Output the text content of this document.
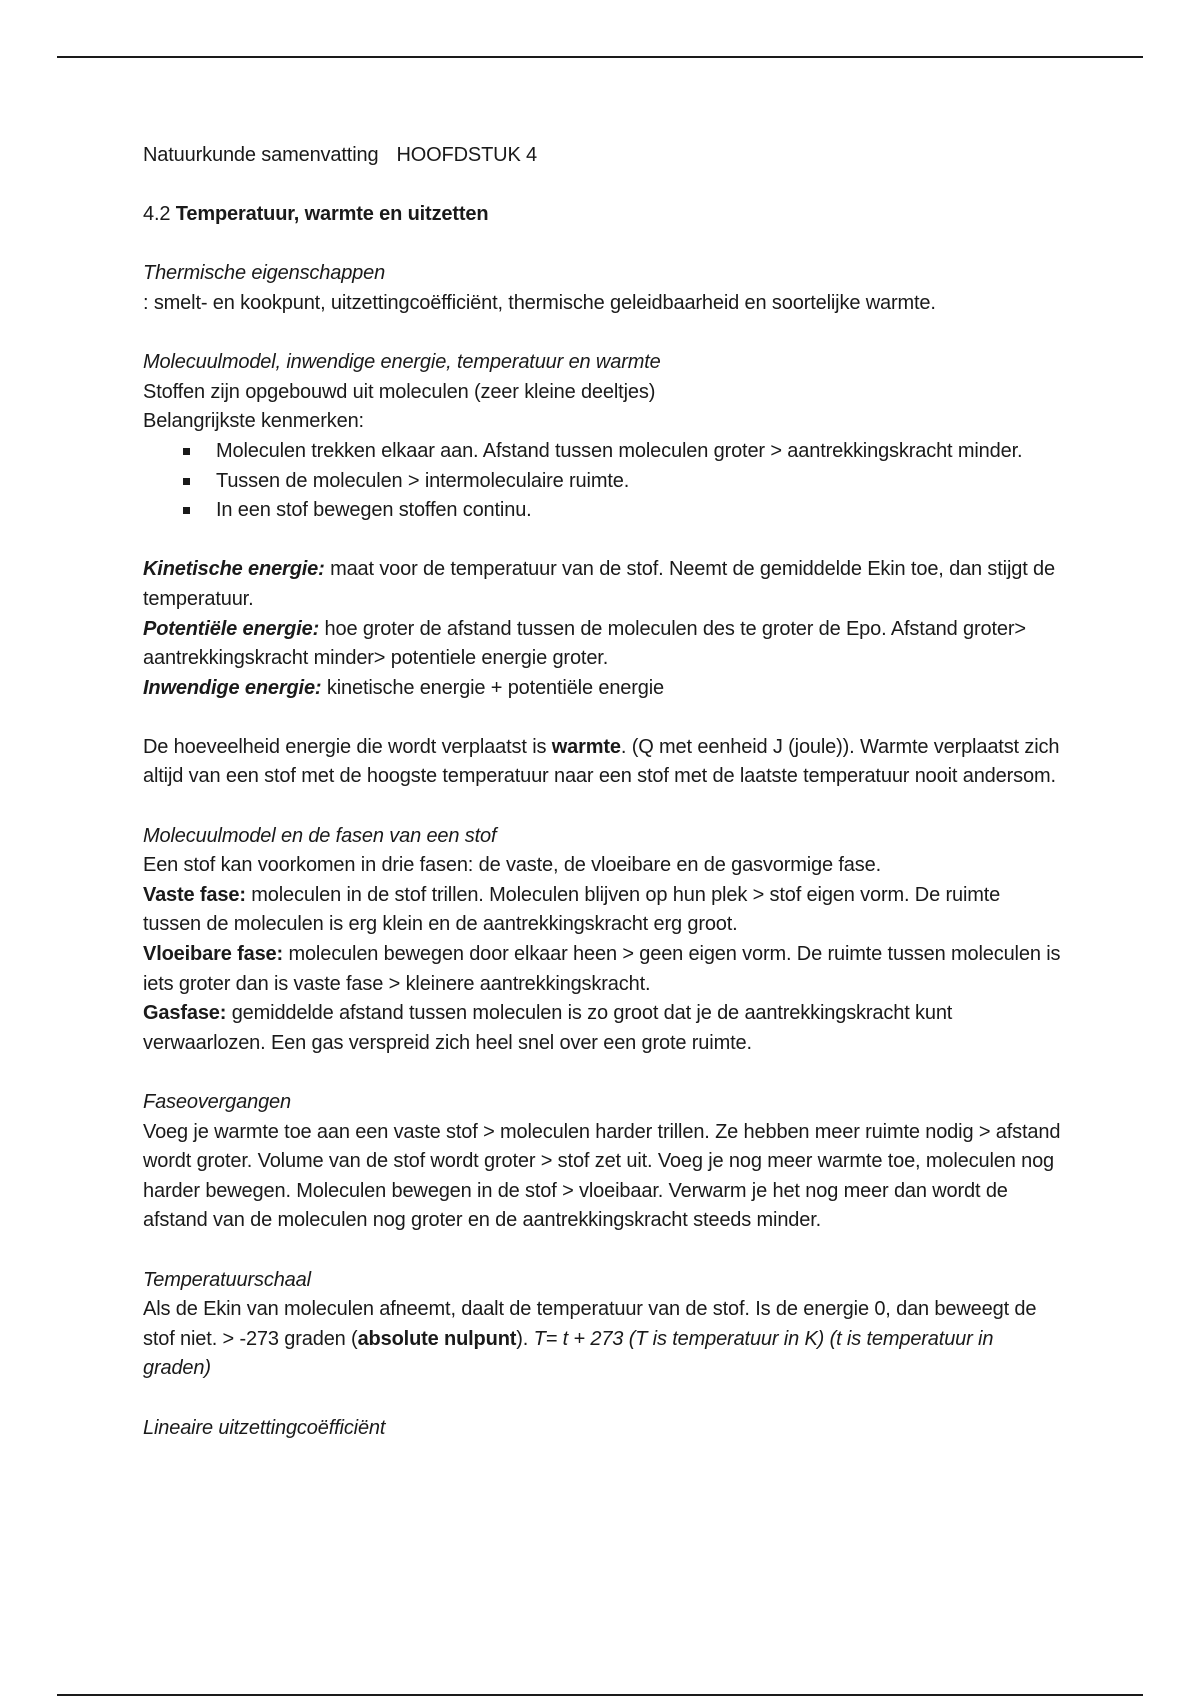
Natuurkunde samenvatting HOOFDSTUK 4

4.2 Temperatuur, warmte en uitzetten

Thermische eigenschappen

: smelt- en kookpunt, uitzettingcoëfficiënt, thermische geleidbaarheid en soortelijke warmte.

Molecuulmodel, inwendige energie, temperatuur en warmte

Stoffen zijn opgebouwd uit moleculen (zeer kleine deeltjes)

Belangrijkste kenmerken:

Moleculen trekken elkaar aan. Afstand tussen moleculen groter > aantrekkingskracht minder.
Tussen de moleculen > intermoleculaire ruimte.
In een stof bewegen stoffen continu.

Kinetische energie: maat voor de temperatuur van de stof. Neemt de gemiddelde Ekin toe, dan stijgt de temperatuur.

Potentiële energie: hoe groter de afstand tussen de moleculen des te groter de Epo. Afstand groter> aantrekkingskracht minder> potentiele energie groter.

Inwendige energie: kinetische energie + potentiële energie

De hoeveelheid energie die wordt verplaatst is warmte. (Q met eenheid J (joule)). Warmte verplaatst zich altijd van een stof met de hoogste temperatuur naar een stof met de laatste temperatuur nooit andersom.

Molecuulmodel en de fasen van een stof

Een stof kan voorkomen in drie fasen: de vaste, de vloeibare en de gasvormige fase.

Vaste fase: moleculen in de stof trillen. Moleculen blijven op hun plek > stof eigen vorm. De ruimte tussen de moleculen is erg klein en de aantrekkingskracht erg groot.

Vloeibare fase: moleculen bewegen door elkaar heen > geen eigen vorm. De ruimte tussen moleculen is iets groter dan is vaste fase > kleinere aantrekkingskracht.

Gasfase: gemiddelde afstand tussen moleculen is zo groot dat je de aantrekkingskracht kunt verwaarlozen. Een gas verspreid zich heel snel over een grote ruimte.

Faseovergangen

Voeg je warmte toe aan een vaste stof > moleculen harder trillen. Ze hebben meer ruimte nodig > afstand wordt groter. Volume van de stof wordt groter > stof zet uit. Voeg je nog meer warmte toe, moleculen nog harder bewegen. Moleculen bewegen in de stof > vloeibaar. Verwarm je het nog meer dan wordt de afstand van de moleculen nog groter en de aantrekkingskracht steeds minder.

Temperatuurschaal

Als de Ekin van moleculen afneemt, daalt de temperatuur van de stof. Is de energie 0, dan beweegt de stof niet. > -273 graden (absolute nulpunt). T= t + 273 (T is temperatuur in K) (t is temperatuur in graden)

Lineaire uitzettingcoëfficiënt
